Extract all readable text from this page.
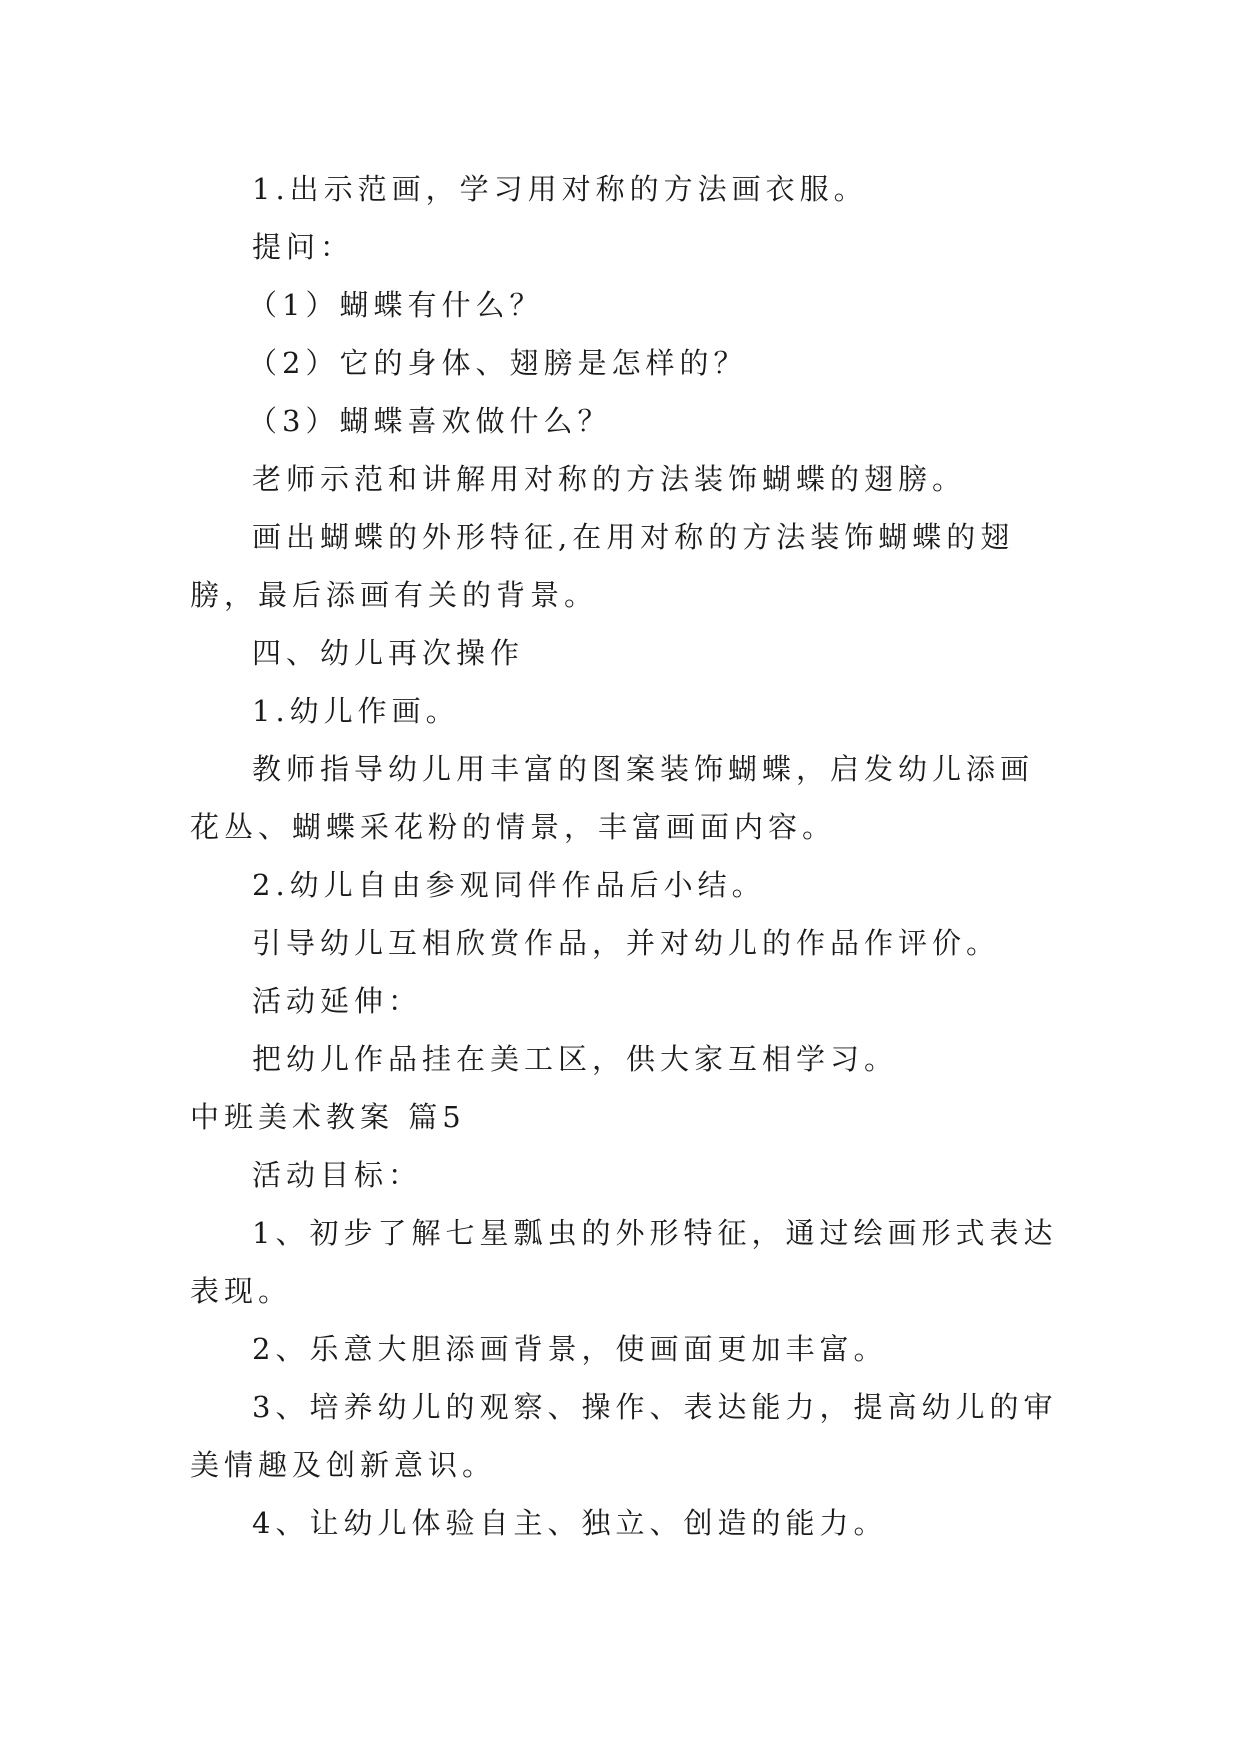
1.出示范画，学习用对称的方法画衣服。

提问：

（1）蝴蝶有什么？

（2）它的身体、翅膀是怎样的？

（3）蝴蝶喜欢做什么？

老师示范和讲解用对称的方法装饰蝴蝶的翅膀。

画出蝴蝶的外形特征,在用对称的方法装饰蝴蝶的翅膀，最后添画有关的背景。

四、幼儿再次操作

1.幼儿作画。

教师指导幼儿用丰富的图案装饰蝴蝶，启发幼儿添画花丛、蝴蝶采花粉的情景，丰富画面内容。

2.幼儿自由参观同伴作品后小结。

引导幼儿互相欣赏作品，并对幼儿的作品作评价。

活动延伸：

把幼儿作品挂在美工区，供大家互相学习。

中班美术教案 篇5

活动目标：

1、初步了解七星瓢虫的外形特征，通过绘画形式表达表现。

2、乐意大胆添画背景，使画面更加丰富。

3、培养幼儿的观察、操作、表达能力，提高幼儿的审美情趣及创新意识。

4、让幼儿体验自主、独立、创造的能力。
